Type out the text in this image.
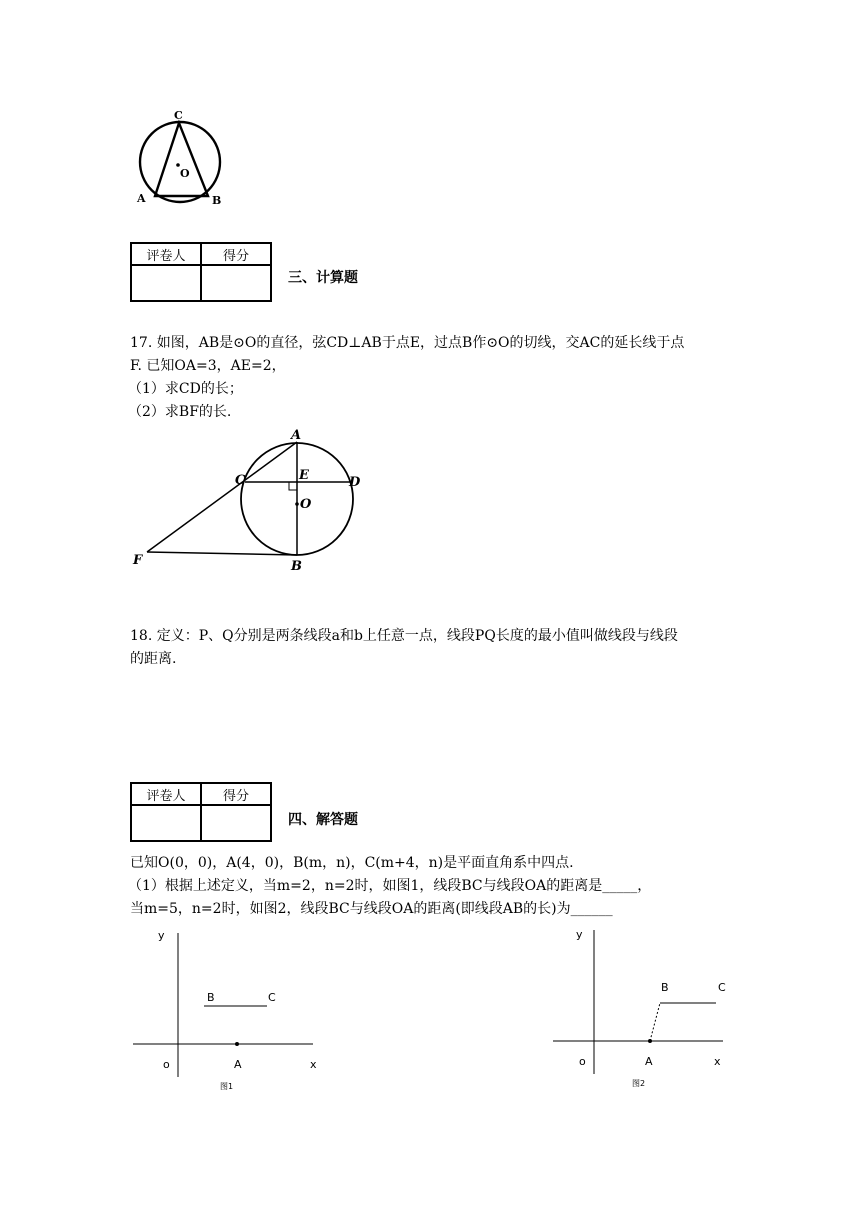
C
O
A	B
评卷人	得分

三、计算题
17. 如图，AB是⊙O的直径，弦CD⊥AB于点E，过点B作⊙O的切线，交AC的延长线于点
F. 已知OA=3，AE=2，
（1）求CD的长；
（2）求BF的长.
A
C	E	D
O
F	B
18. 定义：P、Q分别是两条线段a和b上任意一点，线段PQ长度的最小值叫做线段与线段
的距离.
评卷人	得分

四、解答题
已知O(0，0)，A(4，0)，B(m，n)，C(m+4，n)是平面直角系中四点.
（1）根据上述定义，当m=2，n=2时，如图1，线段BC与线段OA的距离是_____，
当m=5，n=2时，如图2，线段BC与线段OA的距离(即线段AB的长)为______
y
B	C
o	A	x
图1
y
B	C
o	A	x
图2
